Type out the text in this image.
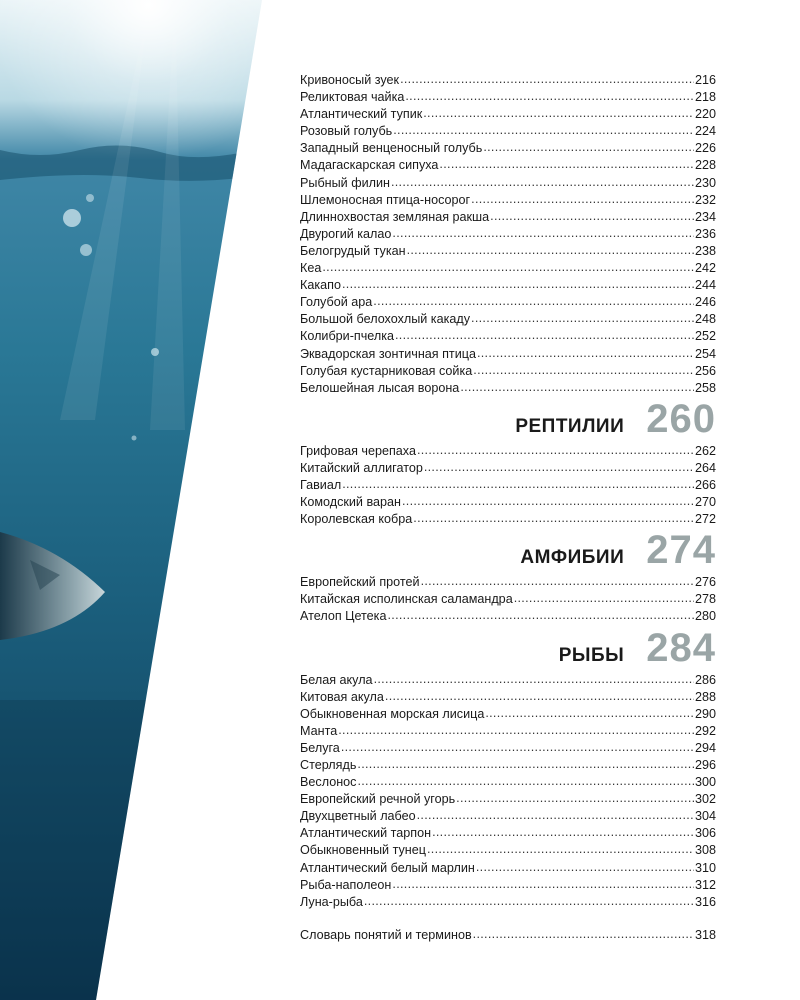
Кривоносый зуек . . .	216
Реликтовая чайка . . .	218
Атлантический тупик . . .	220
Розовый голубь . . .	224
Западный венценосный голубь . . .	226
Мадагаскарская сипуха . . .	228
Рыбный филин . . .	230
Шлемоносная птица-носорог . . .	232
Длиннохвостая земляная ракша . . .	234
Двурогий калао . . .	236
Белогрудый тукан . . .	238
Кеа . . .	242
Какапо . . .	244
Голубой ара . . .	246
Большой белохохлый какаду . . .	248
Колибри-пчелка . . .	252
Эквадорская зонтичная птица . . .	254
Голубая кустарниковая сойка . . .	256
Белошейная лысая ворона . . .	258
РЕПТИЛИИ 260
Грифовая черепаха . . .	262
Китайский аллигатор . . .	264
Гавиал . . .	266
Комодский варан . . .	270
Королевская кобра . . .	272
АМФИБИИ 274
Европейский протей . . .	276
Китайская исполинская саламандра . . .	278
Ателоп Цетека . . .	280
РЫБЫ 284
Белая акула . . .	286
Китовая акула . . .	288
Обыкновенная морская лисица . . .	290
Манта . . .	292
Белуга . . .	294
Стерлядь . . .	296
Веслонос . . .	300
Европейский речной угорь . . .	302
Двухцветный лабео . . .	304
Атлантический тарпон . . .	306
Обыкновенный тунец . . .	308
Атлантический белый марлин . . .	310
Рыба-наполеон . . .	312
Луна-рыба . . .	316
Словарь понятий и терминов . . .	318
